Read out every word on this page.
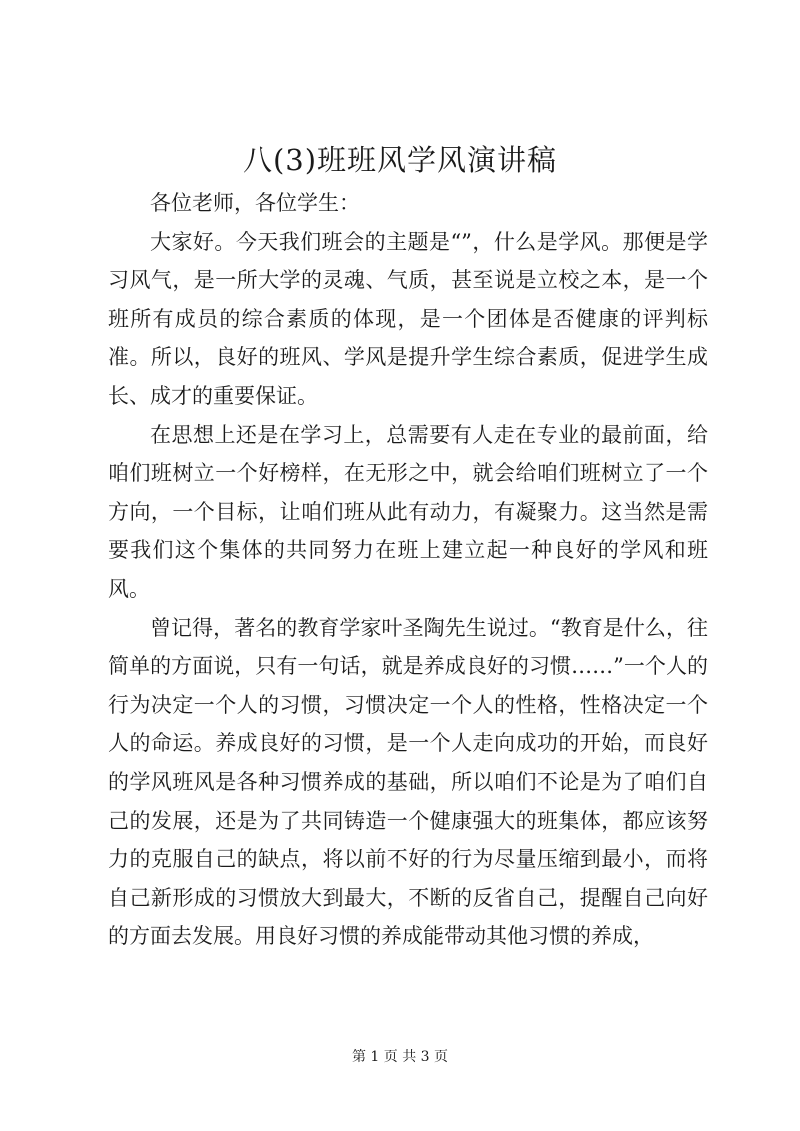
八(3)班班风学风演讲稿

各位老师，各位学生：

大家好。今天我们班会的主题是“”，什么是学风。那便是学习风气，是一所大学的灵魂、气质，甚至说是立校之本，是一个班所有成员的综合素质的体现，是一个团体是否健康的评判标准。所以，良好的班风、学风是提升学生综合素质，促进学生成长、成才的重要保证。

在思想上还是在学习上，总需要有人走在专业的最前面，给咱们班树立一个好榜样，在无形之中，就会给咱们班树立了一个方向，一个目标，让咱们班从此有动力，有凝聚力。这当然是需要我们这个集体的共同努力在班上建立起一种良好的学风和班风。

曾记得，著名的教育学家叶圣陶先生说过。“教育是什么，往简单的方面说，只有一句话，就是养成良好的习惯……”一个人的行为决定一个人的习惯，习惯决定一个人的性格，性格决定一个人的命运。养成良好的习惯，是一个人走向成功的开始，而良好的学风班风是各种习惯养成的基础，所以咱们不论是为了咱们自己的发展，还是为了共同铸造一个健康强大的班集体，都应该努力的克服自己的缺点，将以前不好的行为尽量压缩到最小，而将自己新形成的习惯放大到最大，不断的反省自己，提醒自己向好的方面去发展。用良好习惯的养成能带动其他习惯的养成，

第 1 页 共 3 页
